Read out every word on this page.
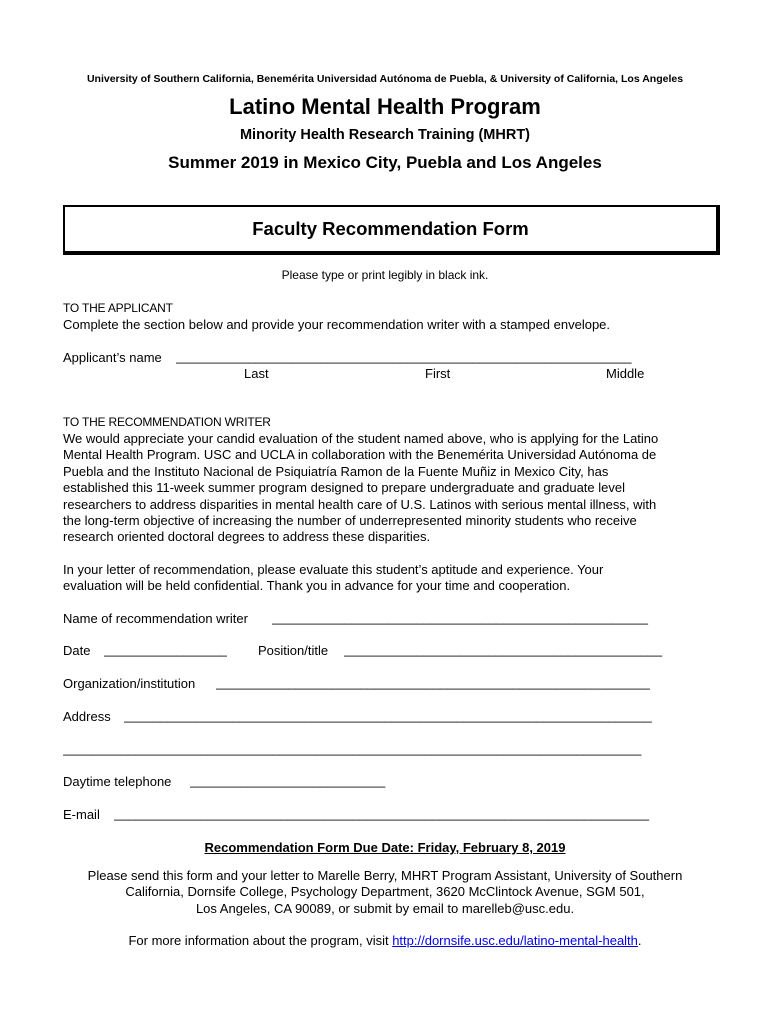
University of Southern California, Benemérita Universidad Autónoma de Puebla, & University of California, Los Angeles
Latino Mental Health Program
Minority Health Research Training (MHRT)
Summer 2019 in Mexico City, Puebla and Los Angeles
Faculty Recommendation Form
Please type or print legibly in black ink.
TO THE APPLICANT
Complete the section below and provide your recommendation writer with a stamped envelope.
Applicant’s name _______________________________________________________________
Last	First	Middle
TO THE RECOMMENDATION WRITER
We would appreciate your candid evaluation of the student named above, who is applying for the Latino
Mental Health Program. USC and UCLA in collaboration with the Benemérita Universidad Autónoma de
Puebla and the Instituto Nacional de Psiquiatría Ramon de la Fuente Muñiz in Mexico City, has
established this 11-week summer program designed to prepare undergraduate and graduate level
researchers to address disparities in mental health care of U.S. Latinos with serious mental illness, with
the long-term objective of increasing the number of underrepresented minority students who receive
research oriented doctoral degrees to address these disparities.
In your letter of recommendation, please evaluate this student’s aptitude and experience. Your
evaluation will be held confidential. Thank you in advance for your time and cooperation.
Name of recommendation writer ____________________________________________________
Date _________________	Position/title ____________________________________________
Organization/institution ____________________________________________________________
Address _________________________________________________________________________
________________________________________________________________________________
Daytime telephone ___________________________
E-mail __________________________________________________________________________
Recommendation Form Due Date: Friday, February 8, 2019
Please send this form and your letter to Marelle Berry, MHRT Program Assistant, University of Southern
California, Dornsife College, Psychology Department, 3620 McClintock Avenue, SGM 501,
Los Angeles, CA 90089, or submit by email to marelleb@usc.edu.
For more information about the program, visit http://dornsife.usc.edu/latino-mental-health.
